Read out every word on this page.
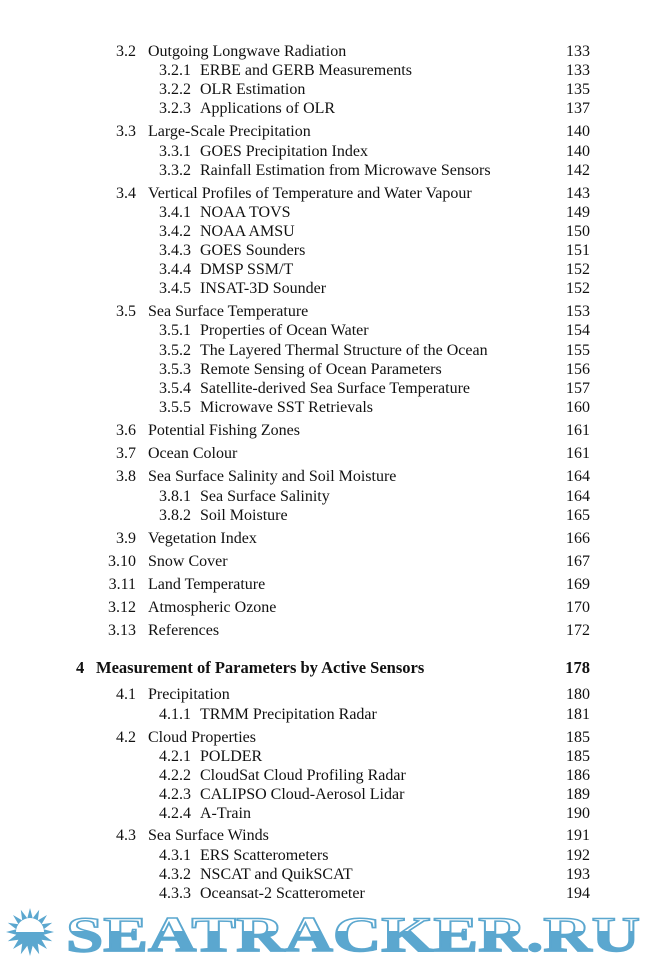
3.2 Outgoing Longwave Radiation	133
3.2.1 ERBE and GERB Measurements	133
3.2.2 OLR Estimation	135
3.2.3 Applications of OLR	137
3.3 Large-Scale Precipitation	140
3.3.1 GOES Precipitation Index	140
3.3.2 Rainfall Estimation from Microwave Sensors	142
3.4 Vertical Profiles of Temperature and Water Vapour	143
3.4.1 NOAA TOVS	149
3.4.2 NOAA AMSU	150
3.4.3 GOES Sounders	151
3.4.4 DMSP SSM/T	152
3.4.5 INSAT-3D Sounder	152
3.5 Sea Surface Temperature	153
3.5.1 Properties of Ocean Water	154
3.5.2 The Layered Thermal Structure of the Ocean	155
3.5.3 Remote Sensing of Ocean Parameters	156
3.5.4 Satellite-derived Sea Surface Temperature	157
3.5.5 Microwave SST Retrievals	160
3.6 Potential Fishing Zones	161
3.7 Ocean Colour	161
3.8 Sea Surface Salinity and Soil Moisture	164
3.8.1 Sea Surface Salinity	164
3.8.2 Soil Moisture	165
3.9 Vegetation Index	166
3.10 Snow Cover	167
3.11 Land Temperature	169
3.12 Atmospheric Ozone	170
3.13 References	172
4 Measurement of Parameters by Active Sensors	178
4.1 Precipitation	180
4.1.1 TRMM Precipitation Radar	181
4.2 Cloud Properties	185
4.2.1 POLDER	185
4.2.2 CloudSat Cloud Profiling Radar	186
4.2.3 CALIPSO Cloud-Aerosol Lidar	189
4.2.4 A-Train	190
4.3 Sea Surface Winds	191
4.3.1 ERS Scatterometers	192
4.3.2 NSCAT and QuikSCAT	193
4.3.3 Oceansat-2 Scatterometer	194
SEATRACKER.RU
